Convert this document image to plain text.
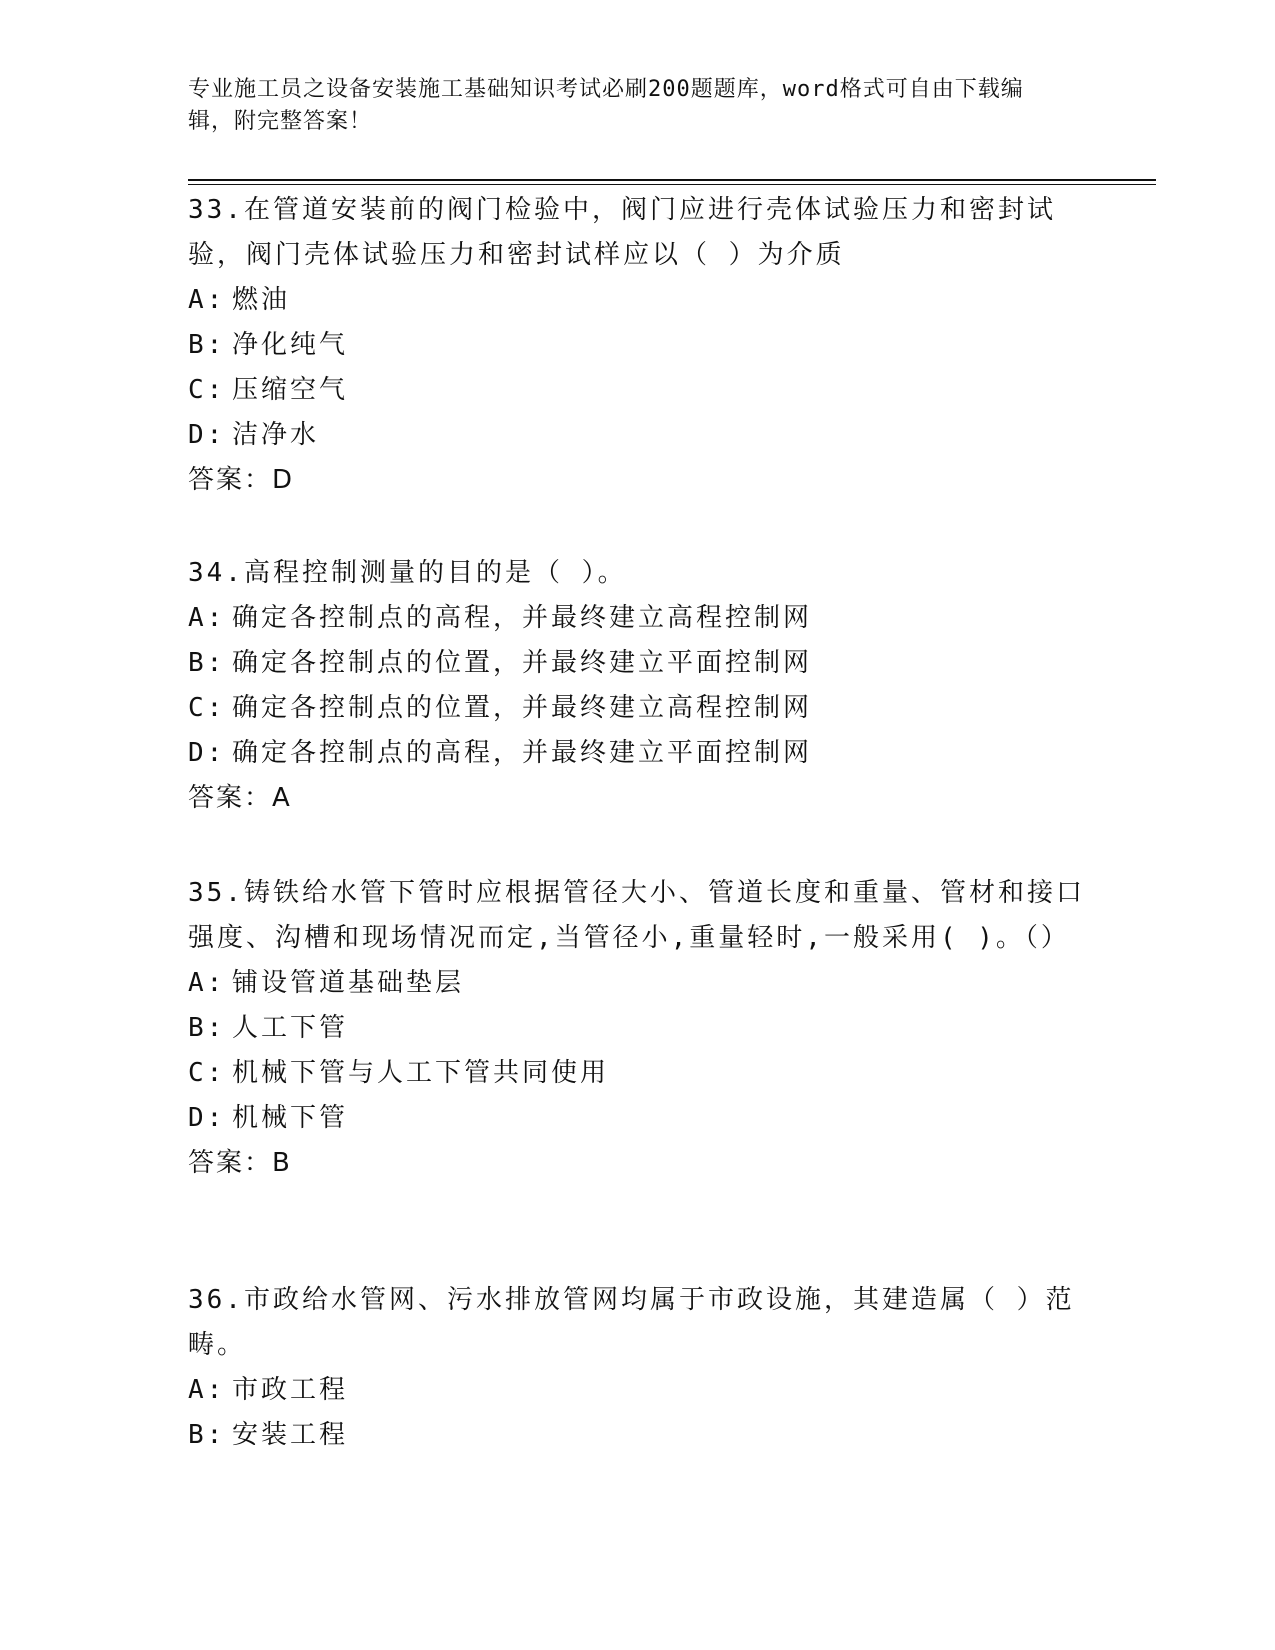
专业施工员之设备安装施工基础知识考试必刷200题题库，word格式可自由下载编辑，附完整答案！
33.在管道安装前的阀门检验中，阀门应进行壳体试验压力和密封试验，阀门壳体试验压力和密封试样应以（ ）为介质
A: 燃油
B: 净化纯气
C: 压缩空气
D: 洁净水
答案：D
34.高程控制测量的目的是（ ）。
A: 确定各控制点的高程，并最终建立高程控制网
B: 确定各控制点的位置，并最终建立平面控制网
C: 确定各控制点的位置，并最终建立高程控制网
D: 确定各控制点的高程，并最终建立平面控制网
答案：A
35.铸铁给水管下管时应根据管径大小、管道长度和重量、管材和接口强度、沟槽和现场情况而定,当管径小,重量轻时,一般采用( )。（）
A: 铺设管道基础垫层
B: 人工下管
C: 机械下管与人工下管共同使用
D: 机械下管
答案：B
36.市政给水管网、污水排放管网均属于市政设施，其建造属（ ）范畴。
A: 市政工程
B: 安装工程
